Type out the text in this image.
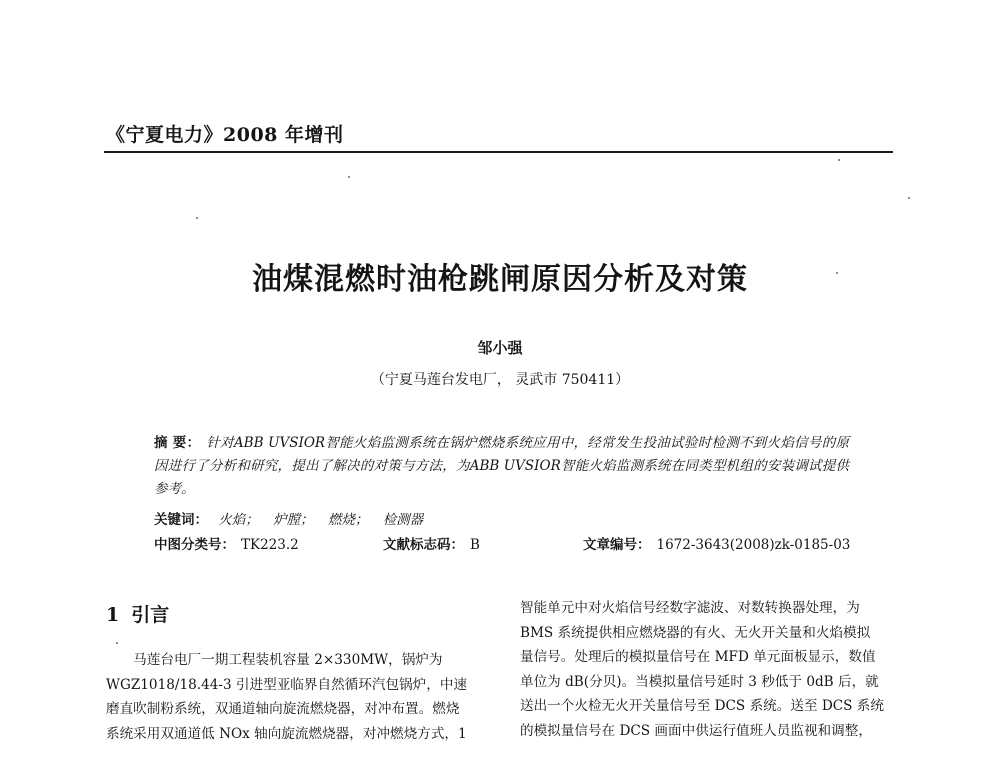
《宁夏电力》2008 年增刊
油煤混燃时油枪跳闸原因分析及对策
邹小强
（宁夏马莲台发电厂， 灵武市 750411）
摘 要： 针对ABB UVSIOR智能火焰监测系统在锅炉燃烧系统应用中，经常发生投油试验时检测不到火焰信号的原因进行了分析和研究，提出了解决的对策与方法，为ABB UVSIOR智能火焰监测系统在同类型机组的安装调试提供参考。
关键词： 火焰； 炉膛； 燃烧； 检测器
中图分类号： TK223.2	文献标志码： B	文章编号： 1672-3643(2008)zk-0185-03
1 引言

　　马莲台电厂一期工程装机容量 2×330MW，锅炉为

WGZ1018/18.44-3 引进型亚临界自然循环汽包锅炉，中速

磨直吹制粉系统，双通道轴向旋流燃烧器，对冲布置。燃烧

系统采用双通道低 NOx 轴向旋流燃烧器，对冲燃烧方式，1

智能单元中对火焰信号经数字滤波、对数转换器处理，为

BMS 系统提供相应燃烧器的有火、无火开关量和火焰模拟

量信号。处理后的模拟量信号在 MFD 单元面板显示，数值

单位为 dB(分贝)。当模拟量信号延时 3 秒低于 0dB 后，就

送出一个火检无火开关量信号至 DCS 系统。送至 DCS 系统

的模拟量信号在 DCS 画面中供运行值班人员监视和调整，
